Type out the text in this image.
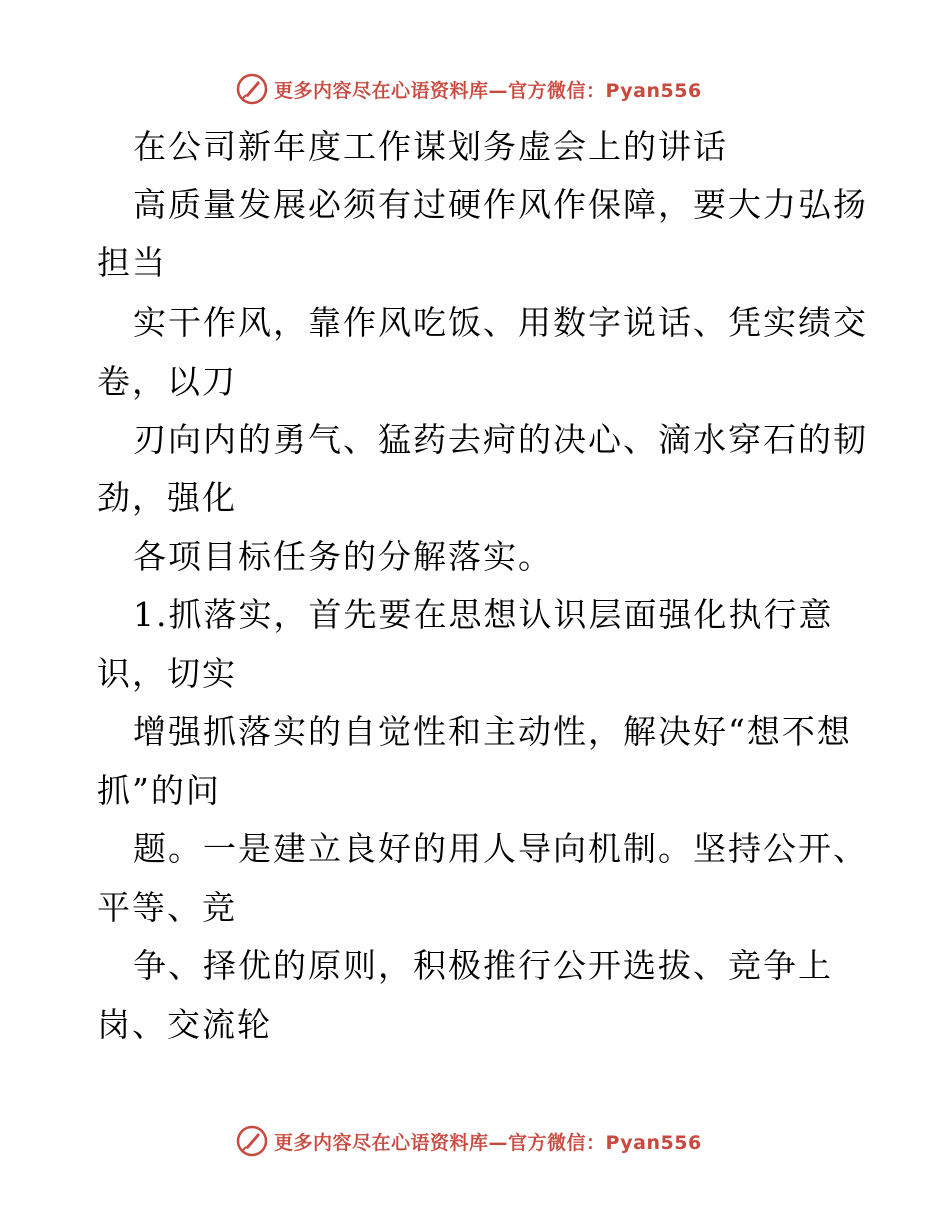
更多内容尽在心语资料库—官方微信：Pyan556
在公司新年度工作谋划务虚会上的讲话
高质量发展必须有过硬作风作保障，要大力弘扬
担当
实干作风，靠作风吃饭、用数字说话、凭实绩交
卷，以刀
刃向内的勇气、猛药去疴的决心、滴水穿石的韧
劲，强化
各项目标任务的分解落实。
1.抓落实，首先要在思想认识层面强化执行意
识，切实
增强抓落实的自觉性和主动性，解决好“想不想
抓”的问
题。一是建立良好的用人导向机制。坚持公开、
平等、竞
争、择优的原则，积极推行公开选拔、竞争上
岗、交流轮
更多内容尽在心语资料库—官方微信：Pyan556
